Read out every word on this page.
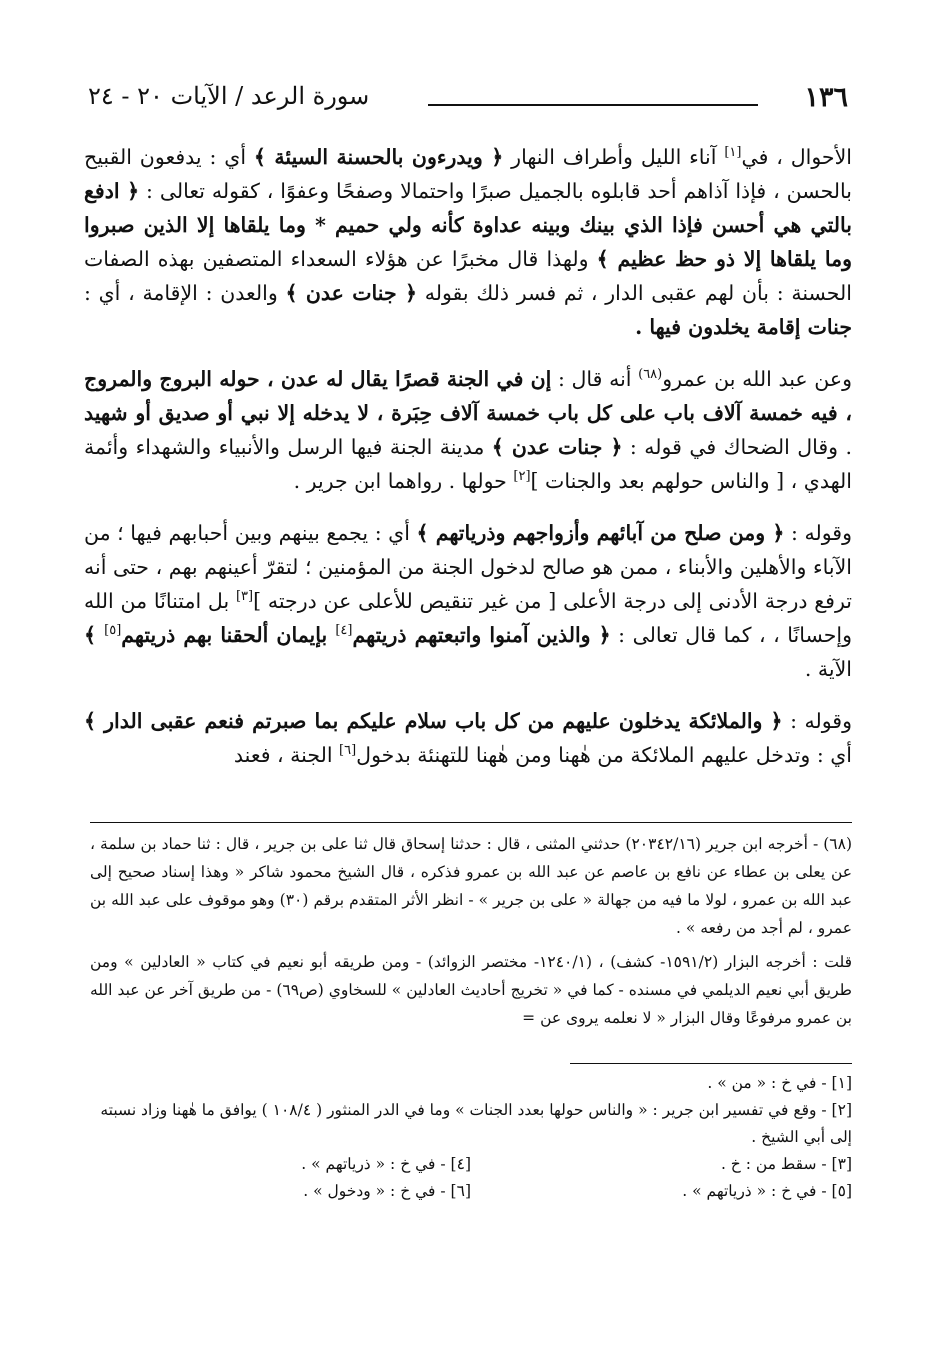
١٣٦
سورة الرعد / الآيات ٢٠ - ٢٤

الأحوال ، في[١] آناء الليل وأطراف النهار ﴿ ويدرءون بالحسنة السيئة ﴾ أي : يدفعون القبيح بالحسن ، فإذا آذاهم أحد قابلوه بالجميل صبرًا واحتمالا وصفحًا وعفوًا ، كقوله تعالى : ﴿ ادفع بالتي هي أحسن فإذا الذي بينك وبينه عداوة كأنه ولي حميم * وما يلقاها إلا الذين صبروا وما يلقاها إلا ذو حظ عظيم ﴾ ولهذا قال مخبرًا عن هؤلاء السعداء المتصفين بهذه الصفات الحسنة : بأن لهم عقبى الدار ، ثم فسر ذلك بقوله ﴿ جنات عدن ﴾ والعدن : الإقامة ، أي : جنات إقامة يخلدون فيها .

وعن عبد الله بن عمرو$^{(٦٨)}$ أنه قال : إن في الجنة قصرًا يقال له عدن ، حوله البروج والمروج ، فيه خمسة آلاف باب على كل باب خمسة آلاف حِبَرة ، لا يدخله إلا نبي أو صديق أو شهيد . وقال الضحاك في قوله : ﴿ جنات عدن ﴾ مدينة الجنة فيها الرسل والأنبياء والشهداء وأئمة الهدي ، [ والناس حولهم بعد والجنات ][٢] حولها . رواهما ابن جرير .

وقوله : ﴿ ومن صلح من آبائهم وأزواجهم وذرياتهم ﴾ أي : يجمع بينهم وبين أحبابهم فيها ؛ من الآباء والأهلين والأبناء ، ممن هو صالح لدخول الجنة من المؤمنين ؛ لتقرّ أعينهم بهم ، حتى أنه ترفع درجة الأدنى إلى درجة الأعلى [ من غير تنقيص للأعلى عن درجته ][٣] بل امتنانًا من الله وإحسانًا ، ، كما قال تعالى : ﴿ والذين آمنوا واتبعتهم ذريتهم[٤] بإيمان ألحقنا بهم ذريتهم[٥] ﴾ الآية .

وقوله : ﴿ والملائكة يدخلون عليهم من كل باب سلام عليكم بما صبرتم فنعم عقبى الدار ﴾ أي : وتدخل عليهم الملائكة من هٰهنا ومن هٰهنا للتهنئة بدخول[٦] الجنة ، فعند

(٦٨) - أخرجه ابن جرير (٢٠٣٤٢/١٦) حدثني المثنى ، قال : حدثنا إسحاق قال ثنا على بن جرير ، قال : ثنا حماد بن سلمة ، عن يعلى بن عطاء عن نافع بن عاصم عن عبد الله بن عمرو فذكره ، قال الشيخ محمود شاكر « وهذا إسناد صحيح إلى عبد الله بن عمرو ، لولا ما فيه من جهالة « على بن جرير » - انظر الأثر المتقدم برقم (٣٠) وهو موقوف على عبد الله بن عمرو ، لم أجد من رفعه » .

قلت : أخرجه البزار (١٥٩١/٢- كشف) ، (١٢٤٠/١- مختصر الزوائد) - ومن طريقه أبو نعيم في كتاب « العادلين » ومن طريق أبي نعيم الديلمي في مسنده - كما في « تخريج أحاديث العادلين » للسخاوي (ص٦٩) - من طريق آخر عن عبد الله بن عمرو مرفوعًا وقال البزار « لا نعلمه يروى عن =

[١] - في خ : « من » .

[٢] - وقع في تفسير ابن جرير : « والناس حولها بعدد الجنات » وما في الدر المنثور ( ١٠٨/٤ ) يوافق ما هٰهنا وزاد نسبته إلى أبي الشيخ .

[٣] - سقط من : خ .

[٤] - في خ : « ذرياتهم » .

[٥] - في خ : « ذرياتهم » .

[٦] - في خ : « ودخول » .
